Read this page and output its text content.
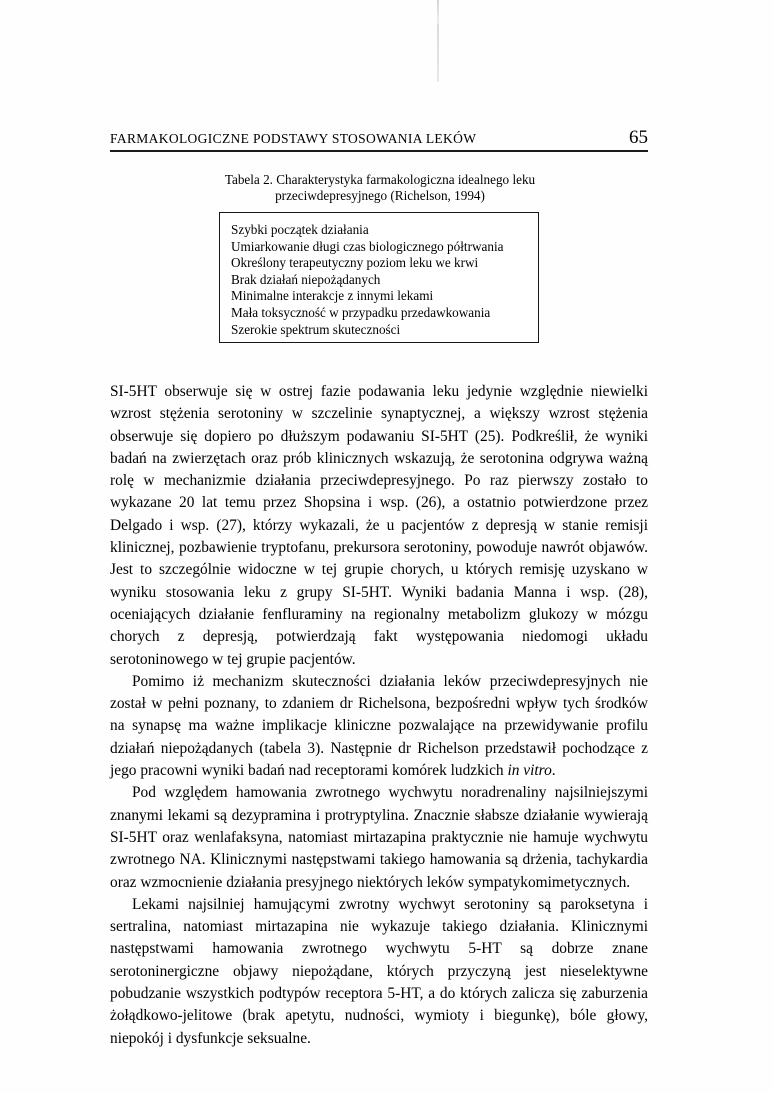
FARMAKOLOGICZNE PODSTAWY STOSOWANIA LEKÓW	65
Tabela 2. Charakterystyka farmakologiczna idealnego leku
przeciwdepresyjnego (Richelson, 1994)
Szybki początek działania
Umiarkowanie długi czas biologicznego półtrwania
Określony terapeutyczny poziom leku we krwi
Brak działań niepożądanych
Minimalne interakcje z innymi lekami
Mała toksyczność w przypadku przedawkowania
Szerokie spektrum skuteczności

SI-5HT obserwuje się w ostrej fazie podawania leku jedynie względnie niewielki wzrost stężenia serotoniny w szczelinie synaptycznej, a większy wzrost stężenia obserwuje się dopiero po dłuższym podawaniu SI-5HT (25). Podkreślił, że wyniki badań na zwierzętach oraz prób klinicznych wskazują, że serotonina odgrywa ważną rolę w mechanizmie działania przeciwdepresyjnego. Po raz pierwszy zostało to wykazane 20 lat temu przez Shopsina i wsp. (26), a ostatnio potwierdzone przez Delgado i wsp. (27), którzy wykazali, że u pacjentów z depresją w stanie remisji klinicznej, pozbawienie tryptofanu, prekursora serotoniny, powoduje nawrót objawów. Jest to szczególnie widoczne w tej grupie chorych, u których remisję uzyskano w wyniku stosowania leku z grupy SI-5HT. Wyniki badania Manna i wsp. (28), oceniających działanie fenfluraminy na regionalny metabolizm glukozy w mózgu chorych z depresją, potwierdzają fakt występowania niedomogi układu serotoninowego w tej grupie pacjentów.

Pomimo iż mechanizm skuteczności działania leków przeciwdepresyjnych nie został w pełni poznany, to zdaniem dr Richelsona, bezpośredni wpływ tych środków na synapsę ma ważne implikacje kliniczne pozwalające na przewidywanie profilu działań niepożądanych (tabela 3). Następnie dr Richelson przedstawił pochodzące z jego pracowni wyniki badań nad receptorami komórek ludzkich in vitro.

Pod względem hamowania zwrotnego wychwytu noradrenaliny najsilniejszymi znanymi lekami są dezypramina i protryptylina. Znacznie słabsze działanie wywierają SI-5HT oraz wenlafaksyna, natomiast mirtazapina praktycznie nie hamuje wychwytu zwrotnego NA. Klinicznymi następstwami takiego hamowania są drżenia, tachykardia oraz wzmocnienie działania presyjnego niektórych leków sympatykomimetycznych.

Lekami najsilniej hamującymi zwrotny wychwyt serotoniny są paroksetyna i sertralina, natomiast mirtazapina nie wykazuje takiego działania. Klinicznymi następstwami hamowania zwrotnego wychwytu 5-HT są dobrze znane serotoninergiczne objawy niepożądane, których przyczyną jest nieselektywne pobudzanie wszystkich podtypów receptora 5-HT, a do których zalicza się zaburzenia żołądkowo-jelitowe (brak apetytu, nudności, wymioty i biegunkę), bóle głowy, niepokój i dysfunkcje seksualne.
